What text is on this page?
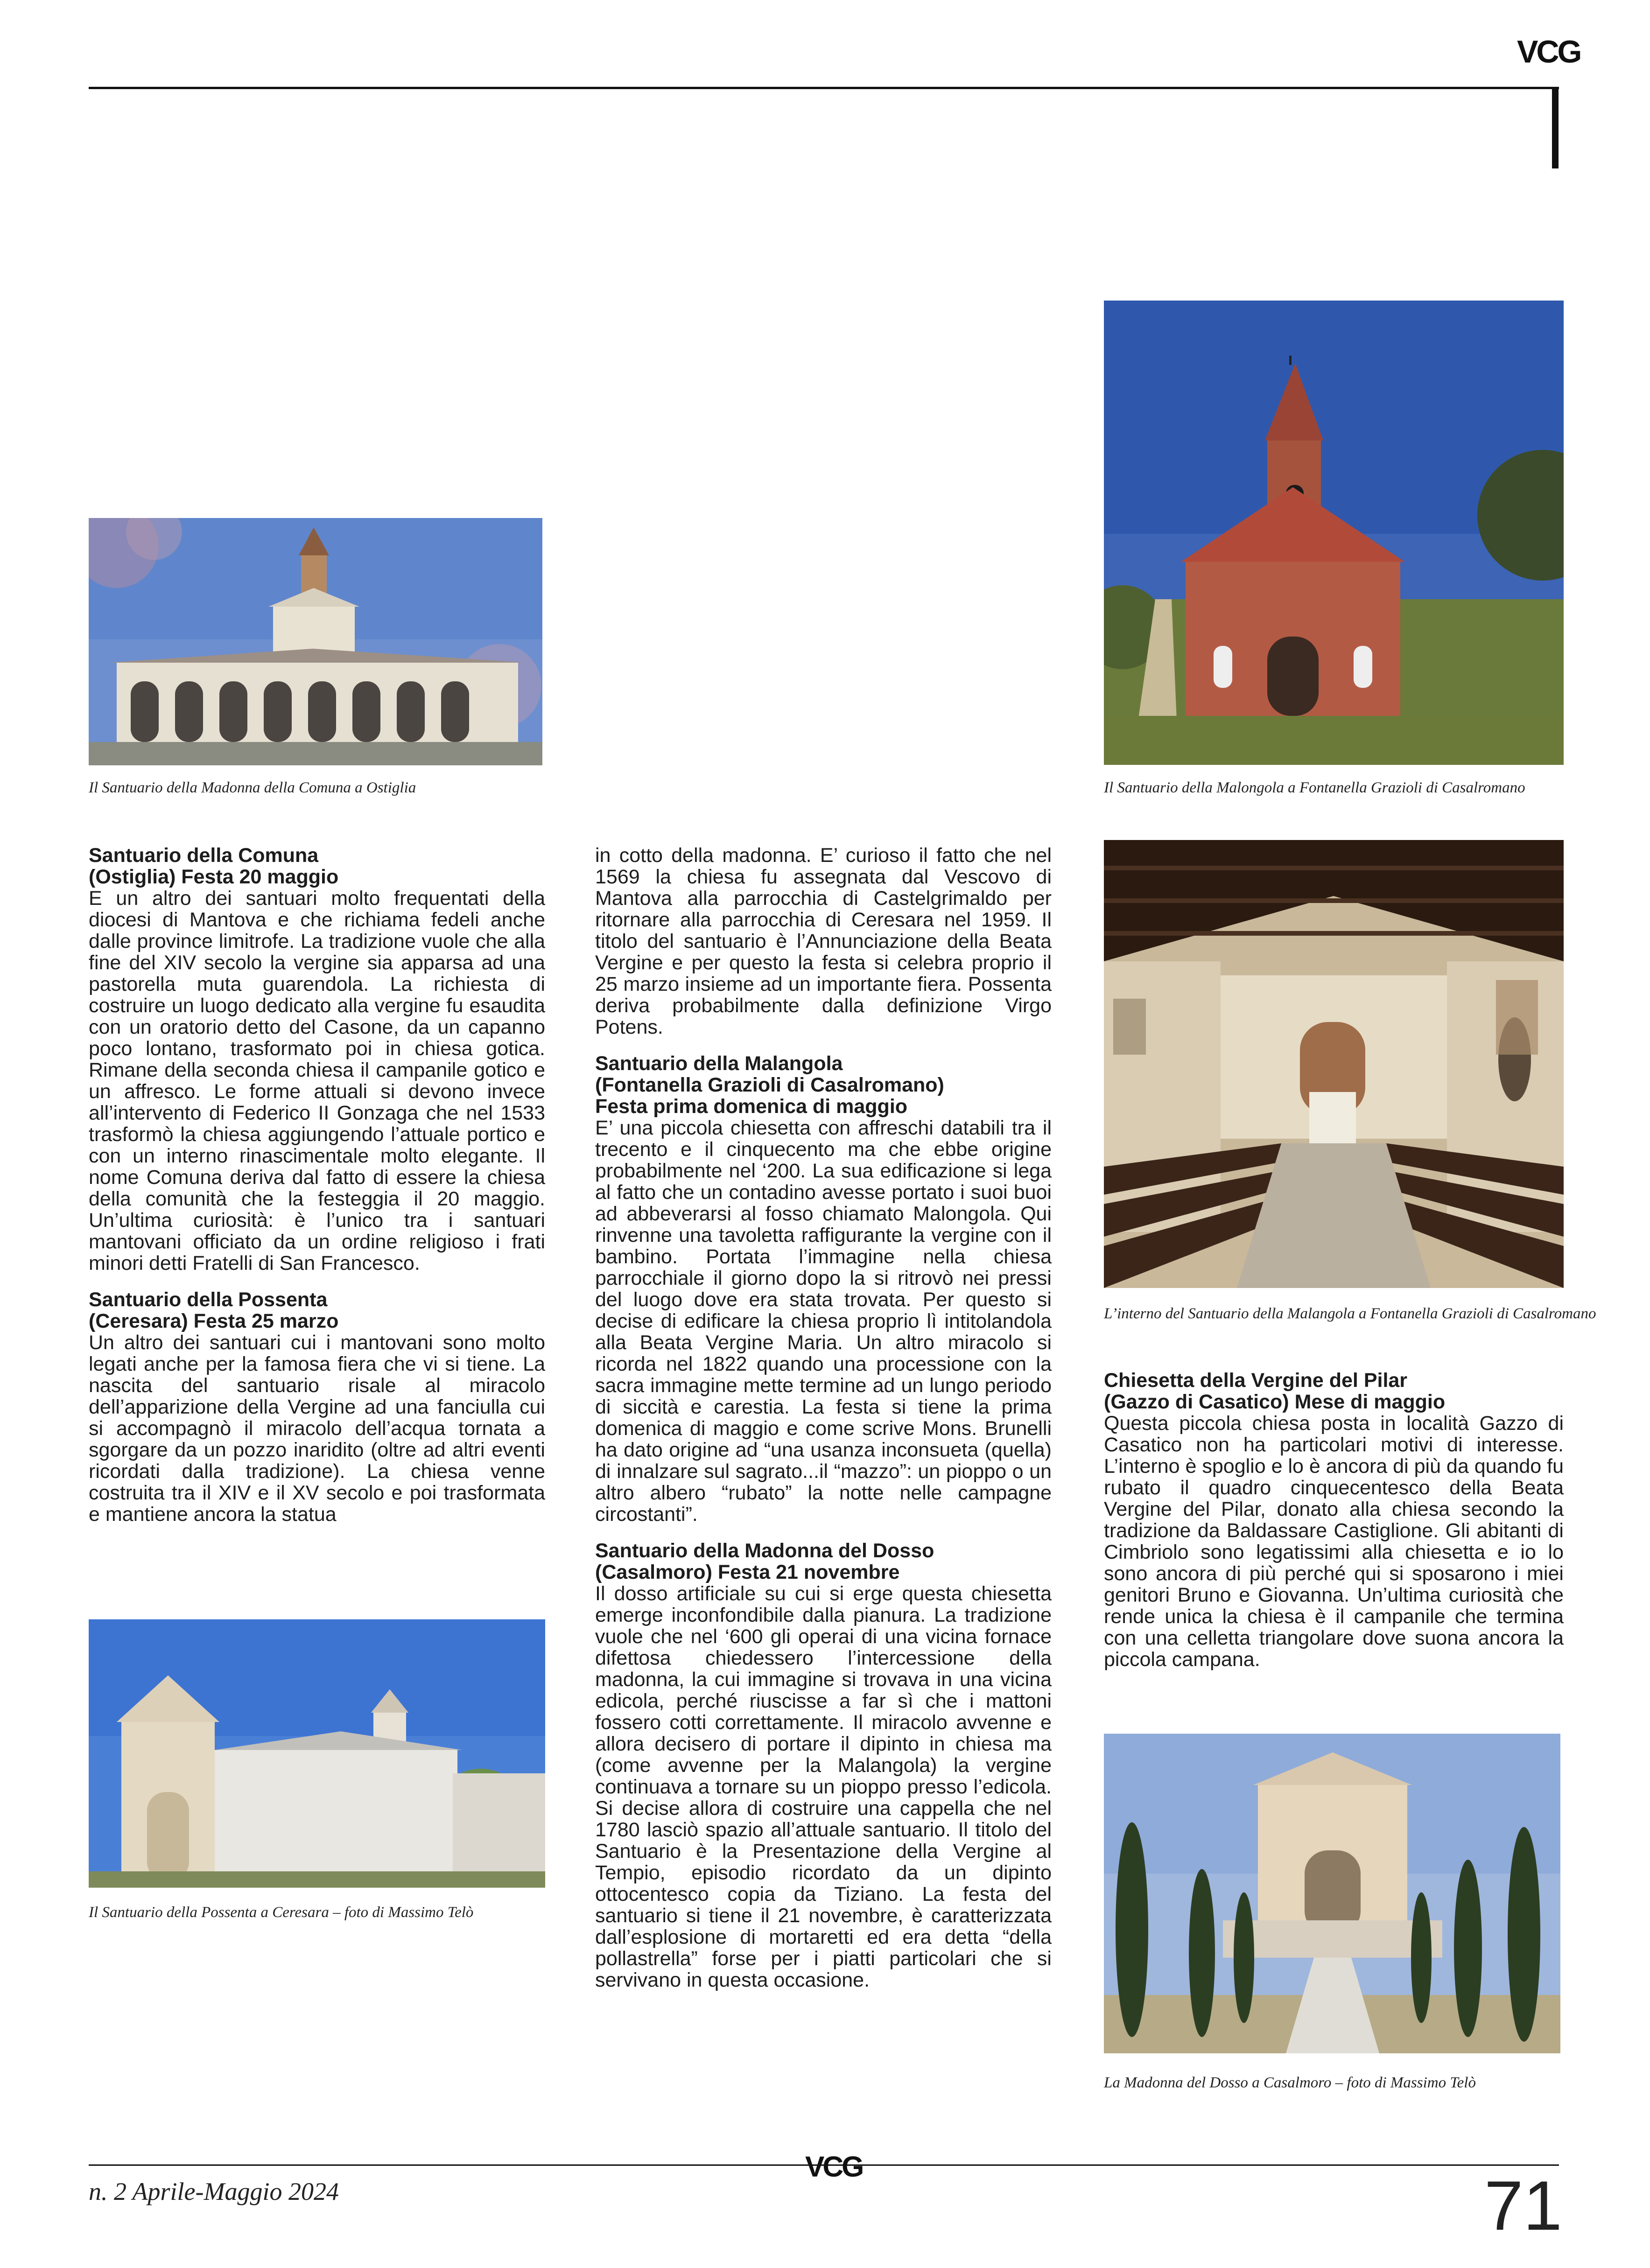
VCG
Il Santuario della Madonna della Comuna a Ostiglia	Il Santuario della Malongola a Fontanella Grazioli di Casalromano
L’interno del Santuario della Malangola a Fontanella Grazioli di Casalromano
Il Santuario della Possenta a Ceresara – foto di Massimo Telò
La Madonna del Dosso a Casalmoro – foto di Massimo Telò
Santuario della Comuna
(Ostiglia) Festa 20 maggio

E un altro dei santuari molto frequentati della diocesi di Mantova e che richiama fedeli anche dalle province limitrofe. La tradizione vuole che alla fine del XIV secolo la vergine sia apparsa ad una pastorella muta guarendola. La richiesta di costruire un luogo dedicato alla vergine fu esaudita con un oratorio detto del Casone, da un capanno poco lontano, trasformato poi in chiesa gotica. Rimane della seconda chiesa il campanile gotico e un affresco. Le forme attuali si devono invece all’intervento di Federico II Gonzaga che nel 1533 trasformò la chiesa aggiungendo l’attuale portico e con un interno rinascimentale molto elegante. Il nome Comuna deriva dal fatto di essere la chiesa della comunità che la festeggia il 20 maggio. Un’ultima curiosità: è l’unico tra i santuari mantovani officiato da un ordine religioso i frati minori detti Fratelli di San Francesco.

Santuario della Possenta
(Ceresara) Festa 25 marzo

Un altro dei santuari cui i mantovani sono molto legati anche per la famosa fiera che vi si tiene. La nascita del santuario risale al miracolo dell’apparizione della Vergine ad una fanciulla cui si accompagnò il miracolo dell’acqua tornata a sgorgare da un pozzo inaridito (oltre ad altri eventi ricordati dalla tradizione). La chiesa venne costruita tra il XIV e il XV secolo e poi trasformata e mantiene ancora la statua

in cotto della madonna. E’ curioso il fatto che nel 1569 la chiesa fu assegnata dal Vescovo di Mantova alla parrocchia di Castelgrimaldo per ritornare alla parrocchia di Ceresara nel 1959. Il titolo del santuario è l’Annunciazione della Beata Vergine e per questo la festa si celebra proprio il 25 marzo insieme ad un importante fiera. Possenta deriva probabilmente dalla definizione Virgo Potens.

Santuario della Malangola
(Fontanella Grazioli di Casalromano)
Festa prima domenica di maggio

E’ una piccola chiesetta con affreschi databili tra il trecento e il cinquecento ma che ebbe origine probabilmente nel ‘200. La sua edificazione si lega al fatto che un contadino avesse portato i suoi buoi ad abbeverarsi al fosso chiamato Malongola. Qui rinvenne una tavoletta raffigurante la vergine con il bambino. Portata l’immagine nella chiesa parrocchiale il giorno dopo la si ritrovò nei pressi del luogo dove era stata trovata. Per questo si decise di edificare la chiesa proprio lì intitolandola alla Beata Vergine Maria. Un altro miracolo si ricorda nel 1822 quando una processione con la sacra immagine mette termine ad un lungo periodo di siccità e carestia. La festa si tiene la prima domenica di maggio e come scrive Mons. Brunelli ha dato origine ad “una usanza inconsueta (quella) di innalzare sul sagrato...il “mazzo”: un pioppo o un altro albero “rubato” la notte nelle campagne circostanti”.

Santuario della Madonna del Dosso
(Casalmoro) Festa 21 novembre

Il dosso artificiale su cui si erge questa chiesetta emerge inconfondibile dalla pianura. La tradizione vuole che nel ‘600 gli operai di una vicina fornace difettosa chiedessero l’intercessione della madonna, la cui immagine si trovava in una vicina edicola, perché riuscisse a far sì che i mattoni fossero cotti correttamente. Il miracolo avvenne e allora decisero di portare il dipinto in chiesa ma (come avvenne per la Malangola) la vergine continuava a tornare su un pioppo presso l’edicola. Si decise allora di costruire una cappella che nel 1780 lasciò spazio all’attuale santuario. Il titolo del Santuario è la Presentazione della Vergine al Tempio, episodio ricordato da un dipinto ottocentesco copia da Tiziano. La festa del santuario si tiene il 21 novembre, è caratterizzata dall’esplosione di mortaretti ed era detta “della pollastrella” forse per i piatti particolari che si servivano in questa occasione.

Chiesetta della Vergine del Pilar
(Gazzo di Casatico) Mese di maggio

Questa piccola chiesa posta in località Gazzo di Casatico non ha particolari motivi di interesse. L’interno è spoglio e lo è ancora di più da quando fu rubato il quadro cinquecentesco della Beata Vergine del Pilar, donato alla chiesa secondo la tradizione da Baldassare Castiglione. Gli abitanti di Cimbriolo sono legatissimi alla chiesetta e io lo sono ancora di più perché qui si sposarono i miei genitori Bruno e Giovanna. Un’ultima curiosità che rende unica la chiesa è il campanile che termina con una celletta triangolare dove suona ancora la piccola campana.

n. 2 Aprile-Maggio 2024
VCG	71
